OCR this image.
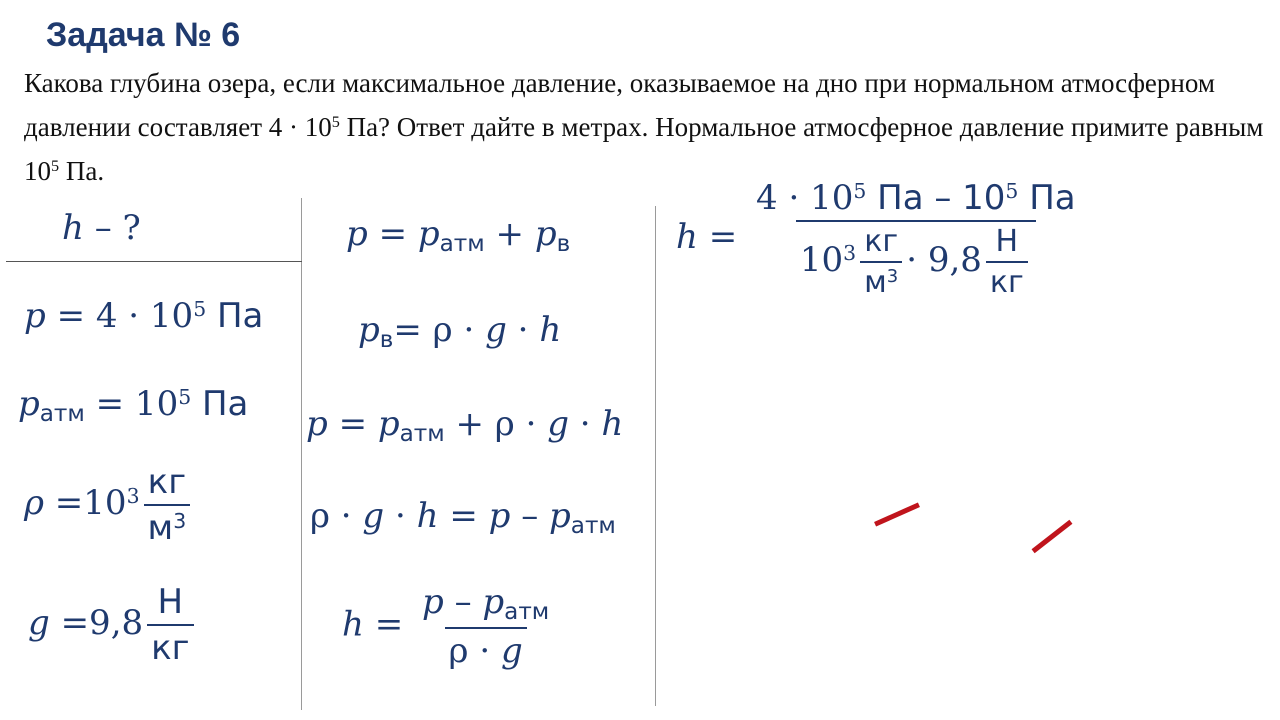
Задача № 6
Какова глубина озера, если максимальное давление, оказываемое на дно при нормальном атмосферном давлении составляет $4 \cdot 10^5$ Па? Ответ дайте в метрах. Нормальное атмосферное давление примите равным $10^5$ Па.
h – ?
$p = 4 \cdot 10^5$ Па
$p_{атм} = 10^5$ Па
$\rho =10^3 \frac{кг}{м^3}$
$g =9,8 \frac{Н}{кг}$
$p = p_{атм} + p_в$
$p_в= \rho \cdot g \cdot h$
$p = p_{атм} + \rho \cdot g \cdot h$
$\rho \cdot g \cdot h = p - p_{атм}$
$h = \frac{p - p_{атм}}{\rho \cdot g}$
$h = \frac{4 \cdot 10^5 Па - 10^5 Па}{10^3 \frac{кг}{м^3} \cdot 9,8 \frac{Н}{кг}}$
